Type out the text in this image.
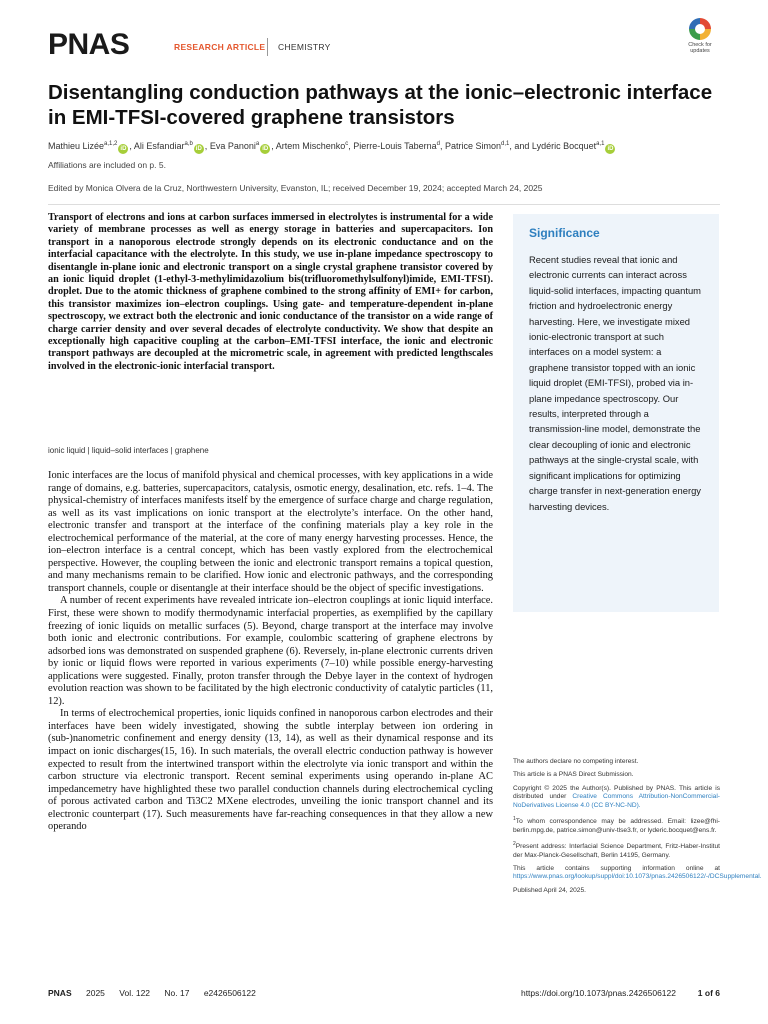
PNAS	RESEARCH ARTICLE CHEMISTRY	Check for
updates
Disentangling conduction pathways at the ionic–electronic interface in EMI-TFSI-covered graphene transistors
Mathieu Lizée$^{a,1,2}$iD , Ali Esfandiar$^{a,b}$iD , Eva Panoni$^a$iD , Artem Mischenko$^c$, Pierre-Louis Taberna$^d$, Patrice Simon$^{d,1}$, and Lydéric Bocquet$^{a,1}$iD
Affiliations are included on p. 5.
Edited by Monica Olvera de la Cruz, Northwestern University, Evanston, IL; received December 19, 2024; accepted March 24, 2025

Transport of electrons and ions at carbon surfaces immersed in electrolytes is instrumental for a wide variety of membrane processes as well as energy storage in batteries and supercapacitors. Ion transport in a nanoporous electrode strongly depends on its electronic conductance and on the interfacial capacitance with the electrolyte. In this study, we use in-plane impedance spectroscopy to disentangle in-plane ionic and electronic transport on a single crystal graphene transistor covered by an ionic liquid droplet (1-ethyl-3-methylimidazolium bis(trifluoromethylsulfonyl)imide, EMI-TFSI). droplet. Due to the atomic thickness of graphene combined to the strong affinity of EMI+ for carbon, this transistor maximizes ion–electron couplings. Using gate- and temperature-dependent in-plane spectroscopy, we extract both the electronic and ionic conductance of the transistor on a wide range of charge carrier density and over several decades of electrolyte conductivity. We show that despite an exceptionally high capacitive coupling at the carbon–EMI-TFSI interface, the ionic and electronic transport pathways are decoupled at the micrometric scale, in agreement with predicted lengthscales involved in the electronic-ionic interfacial transport.

ionic liquid | liquid–solid interfaces | graphene

Ionic interfaces are the locus of manifold physical and chemical processes, with key applications in a wide range of domains, e.g. batteries, supercapacitors, catalysis, osmotic energy, desalination, etc. refs. 1–4. The physical-chemistry of interfaces manifests itself by the emergence of surface charge and charge regulation, as well as its vast implications on ionic transport at the electrolyte’s interface. On the other hand, electronic transfer and transport at the interface of the confining materials play a key role in the electrochemical performance of the material, at the core of many energy harvesting processes. Hence, the ion–electron interface is a central concept, which has been vastly explored from the electrochemical perspective. However, the coupling between the ionic and electronic transport remains a topical question, and many mechanisms remain to be clarified. How ionic and electronic pathways, and the corresponding transport channels, couple or disentangle at their interface should be the object of specific investigations.

A number of recent experiments have revealed intricate ion–electron couplings at ionic liquid interface. First, these were shown to modify thermodynamic interfacial properties, as exemplified by the capillary freezing of ionic liquids on metallic surfaces (5). Beyond, charge transport at the interface may involve both ionic and electronic contributions. For example, coulombic scattering of graphene electrons by adsorbed ions was demonstrated on suspended graphene (6). Reversely, in-plane electronic currents driven by ionic or liquid flows were reported in various experiments (7–10) while possible energy-harvesting applications were suggested. Finally, proton transfer through the Debye layer in the context of hydrogen evolution reaction was shown to be facilitated by the high electronic conductivity of catalytic particles (11, 12).

In terms of electrochemical properties, ionic liquids confined in nanoporous carbon electrodes and their interfaces have been widely investigated, showing the subtle interplay between ion ordering in (sub-)nanometric confinement and energy density (13, 14), as well as their dynamical response and its impact on ionic discharges(15, 16). In such materials, the overall electric conduction pathway is however expected to result from the intertwined transport within the electrolyte via ionic transport and within the carbon structure via electronic transport. Recent seminal experiments using operando in-plane AC impedancemetry have highlighted these two parallel conduction channels during electrochemical cycling of porous activated carbon and Ti3C2 MXene electrodes, unveiling the ionic transport channel and its electronic counterpart (17). Such measurements have far-reaching consequences in that they allow a new operando

Significance

Recent studies reveal that ionic and electronic currents can interact across liquid-solid interfaces, impacting quantum friction and hydroelectronic energy harvesting. Here, we investigate mixed ionic-electronic transport at such interfaces on a model system: a graphene transistor topped with an ionic liquid droplet (EMI-TFSI), probed via in-plane impedance spectroscopy. Our results, interpreted through a transmission-line model, demonstrate the clear decoupling of ionic and electronic pathways at the single-crystal scale, with significant implications for optimizing charge transfer in next-generation energy harvesting devices.

The authors declare no competing interest.

This article is a PNAS Direct Submission.

Copyright © 2025 the Author(s). Published by PNAS. This article is distributed under Creative Commons Attribution-NonCommercial-NoDerivatives License 4.0 (CC BY-NC-ND).

$^1$To whom correspondence may be addressed. Email: lizee@fhi-berlin.mpg.de, patrice.simon@univ-tlse3.fr, or lyderic.bocquet@ens.fr.

$^2$Present address: Interfacial Science Department, Fritz-Haber-Institut der Max-Planck-Gesellschaft, Berlin 14195, Germany.

This article contains supporting information online at https://www.pnas.org/lookup/suppl/doi:10.1073/pnas.2426506122/-/DCSupplemental.

Published April 24, 2025.

PNAS 2025 Vol. 122 No. 17 e2426506122	https://doi.org/10.1073/pnas.2426506122	1 of 6
